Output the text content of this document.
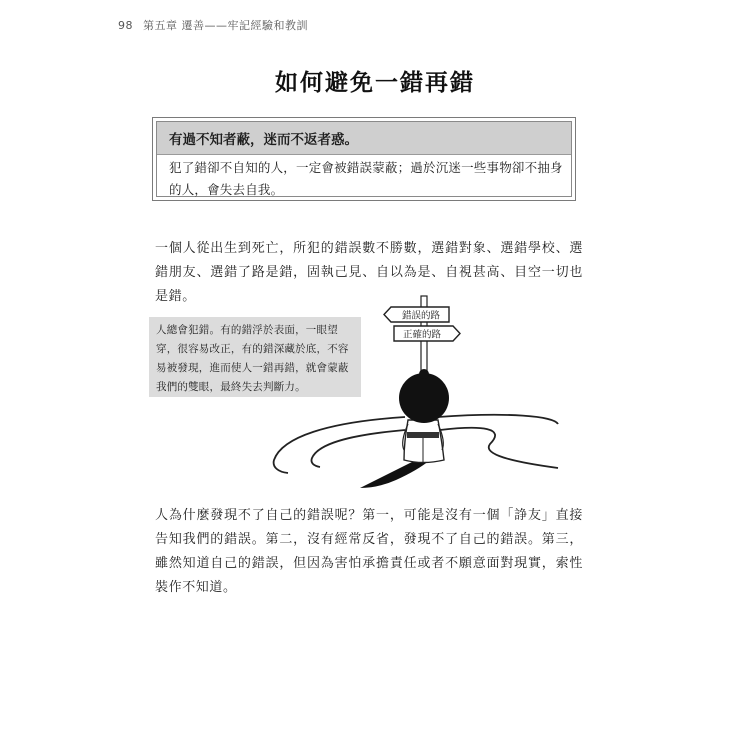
98 第五章 遷善——牢記經驗和教訓
如何避免一錯再錯
有過不知者蔽，迷而不返者惑。
犯了錯卻不自知的人，一定會被錯誤蒙蔽；過於沉迷一些事物卻不抽身的人，會失去自我。
一個人從出生到死亡，所犯的錯誤數不勝數，選錯對象、選錯學校、選錯朋友、選錯了路是錯，固執己見、自以為是、自視甚高、目空一切也是錯。
人總會犯錯。有的錯浮於表面，一眼望穿，很容易改正，有的錯深藏於底，不容易被發現，進而使人一錯再錯，就會蒙蔽我們的雙眼，最終失去判斷力。
錯誤的路
正確的路
人為什麼發現不了自己的錯誤呢？第一，可能是沒有一個「諍友」直接告知我們的錯誤。第二，沒有經常反省，發現不了自己的錯誤。第三，雖然知道自己的錯誤，但因為害怕承擔責任或者不願意面對現實，索性裝作不知道。
